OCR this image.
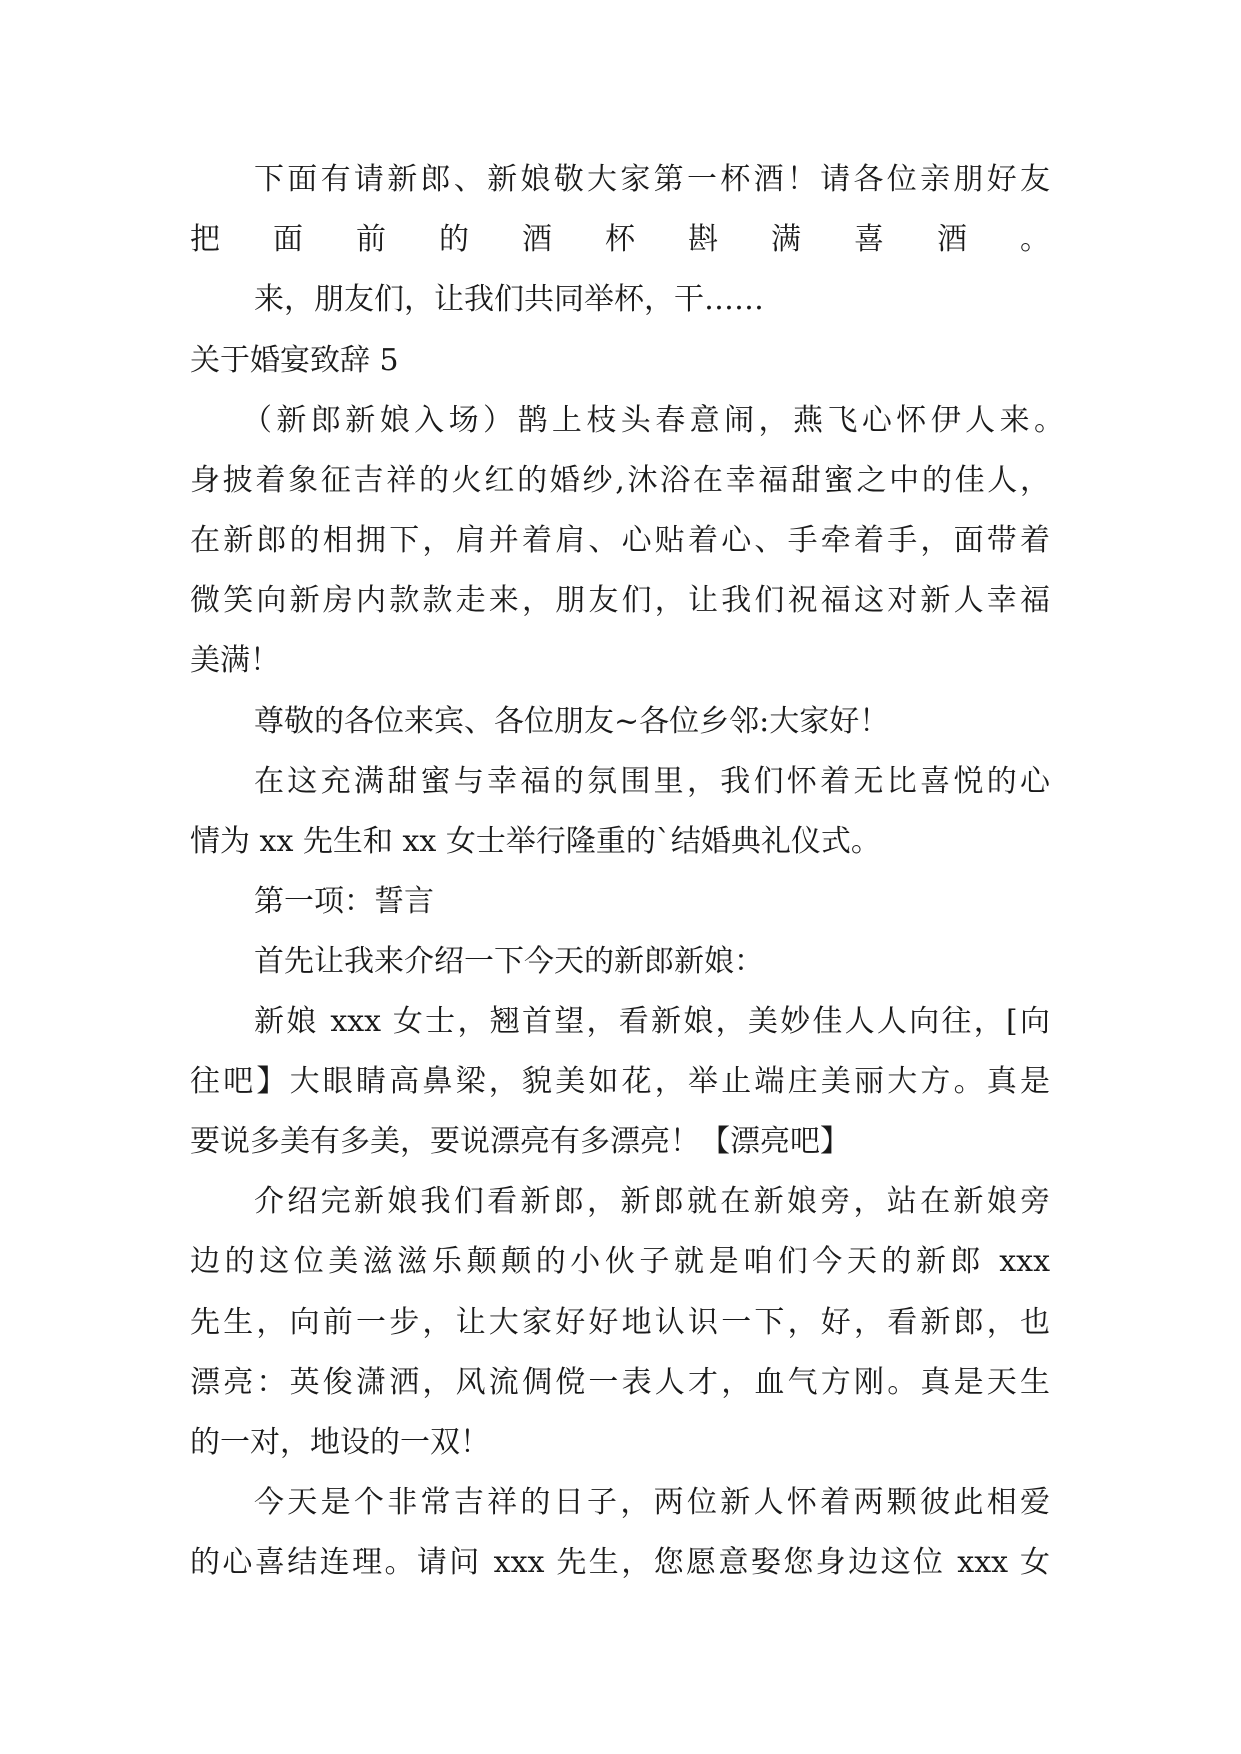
下面有请新郎、新娘敬大家第一杯酒！请各位亲朋好友
把面前的酒杯斟满喜酒。
来，朋友们，让我们共同举杯，干……
关于婚宴致辞 5
（新郎新娘入场）鹊上枝头春意闹，燕飞心怀伊人来。
身披着象征吉祥的火红的婚纱,沐浴在幸福甜蜜之中的佳人，
在新郎的相拥下，肩并着肩、心贴着心、手牵着手，面带着
微笑向新房内款款走来，朋友们，让我们祝福这对新人幸福
美满！
尊敬的各位来宾、各位朋友~各位乡邻:大家好！
在这充满甜蜜与幸福的氛围里，我们怀着无比喜悦的心
情为 xx 先生和 xx 女士举行隆重的`结婚典礼仪式。
第一项：誓言
首先让我来介绍一下今天的新郎新娘：
新娘 xxx 女士，翘首望，看新娘，美妙佳人人向往，[向
往吧】大眼睛高鼻梁，貌美如花，举止端庄美丽大方。真是
要说多美有多美，要说漂亮有多漂亮！【漂亮吧】
介绍完新娘我们看新郎，新郎就在新娘旁，站在新娘旁
边的这位美滋滋乐颠颠的小伙子就是咱们今天的新郎 xxx
先生，向前一步，让大家好好地认识一下，好，看新郎，也
漂亮：英俊潇洒，风流倜傥一表人才，血气方刚。真是天生
的一对，地设的一双！
今天是个非常吉祥的日子，两位新人怀着两颗彼此相爱
的心喜结连理。请问 xxx 先生，您愿意娶您身边这位 xxx 女
